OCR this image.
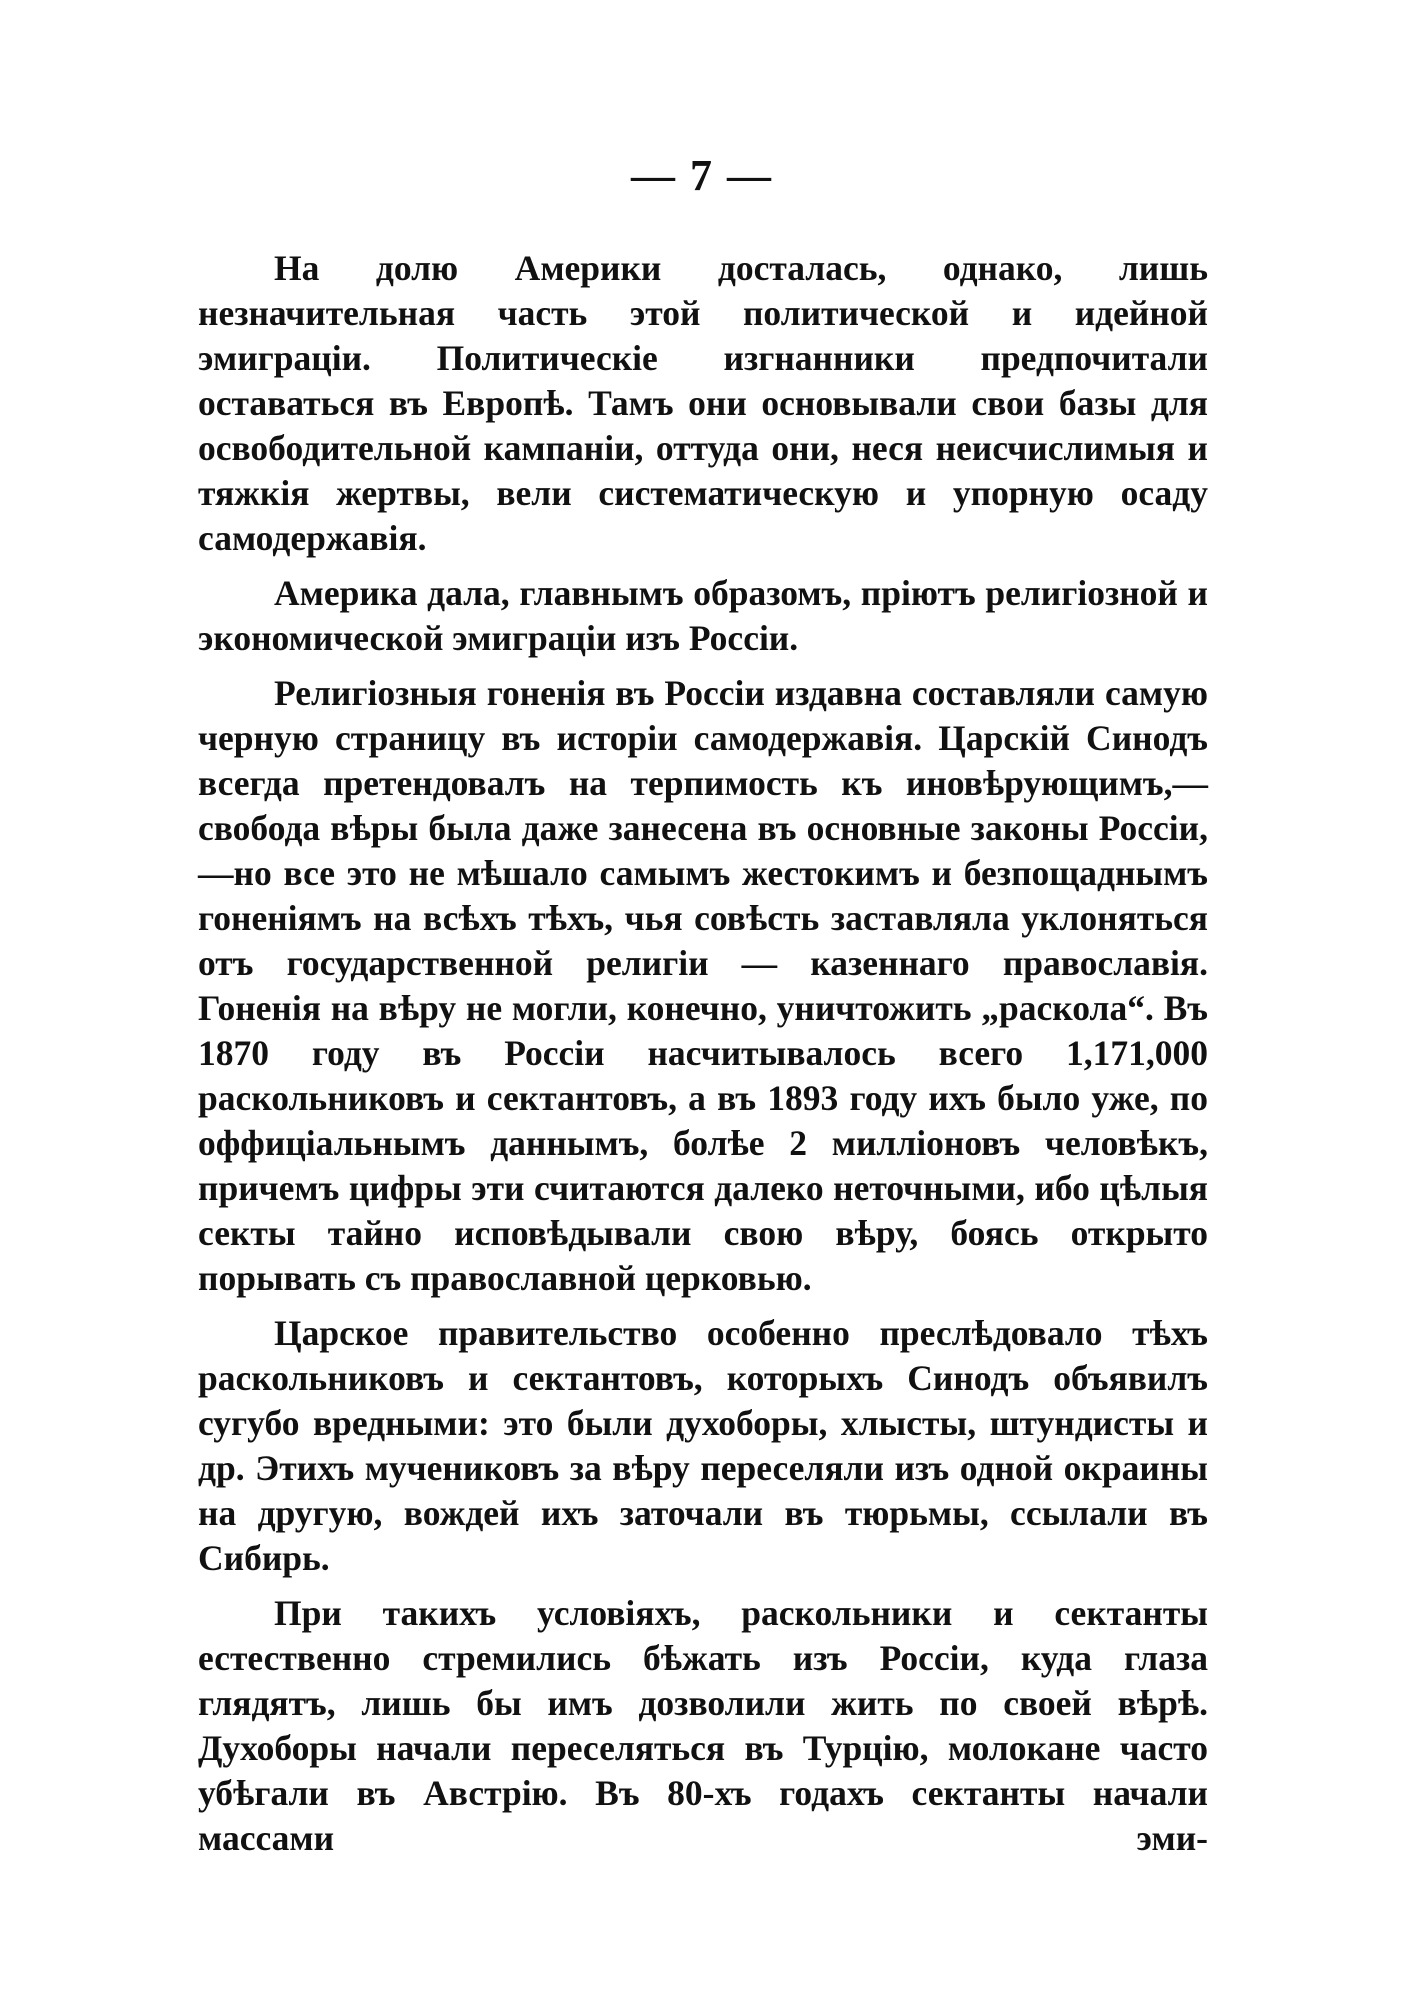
— 7 —

На долю Америки досталась, однако, лишь незначительная часть этой политической и идейной эмиграціи. Политическіе изгнанники предпочитали оставаться въ Европѣ. Тамъ они основывали свои базы для освободительной кампаніи, оттуда они, неся неисчислимыя и тяжкія жертвы, вели систематическую и упорную осаду самодержавія.

Америка дала, главнымъ образомъ, пріютъ религіозной и экономической эмиграціи изъ Россіи.

Религіозныя гоненія въ Россіи издавна составляли самую черную страницу въ исторіи самодержавія. Царскій Синодъ всегда претендовалъ на терпимость къ иновѣрующимъ,—свобода вѣры была даже занесена въ основные законы Россіи,—но все это не мѣшало самымъ жестокимъ и безпощаднымъ гоненіямъ на всѣхъ тѣхъ, чья совѣсть заставляла уклоняться отъ государственной религіи — казеннаго православія. Гоненія на вѣру не могли, конечно, уничтожить „раскола“. Въ 1870 году въ Россіи насчитывалось всего 1,171,000 раскольниковъ и сектантовъ, а въ 1893 году ихъ было уже, по оффиціальнымъ даннымъ, болѣе 2 милліоновъ человѣкъ, причемъ цифры эти считаются далеко неточными, ибо цѣлыя секты тайно исповѣдывали свою вѣру, боясь открыто порывать съ православной церковью.

Царское правительство особенно преслѣдовало тѣхъ раскольниковъ и сектантовъ, которыхъ Синодъ объявилъ сугубо вредными: это были духоборы, хлысты, штундисты и др. Этихъ мучениковъ за вѣру переселяли изъ одной окраины на другую, вождей ихъ заточали въ тюрьмы, ссылали въ Сибирь.

При такихъ условіяхъ, раскольники и сектанты естественно стремились бѣжать изъ Россіи, куда глаза глядятъ, лишь бы имъ дозволили жить по своей вѣрѣ. Духоборы начали переселяться въ Турцію, молокане часто убѣгали въ Австрію. Въ 80-хъ годахъ сектанты начали массами эми-
